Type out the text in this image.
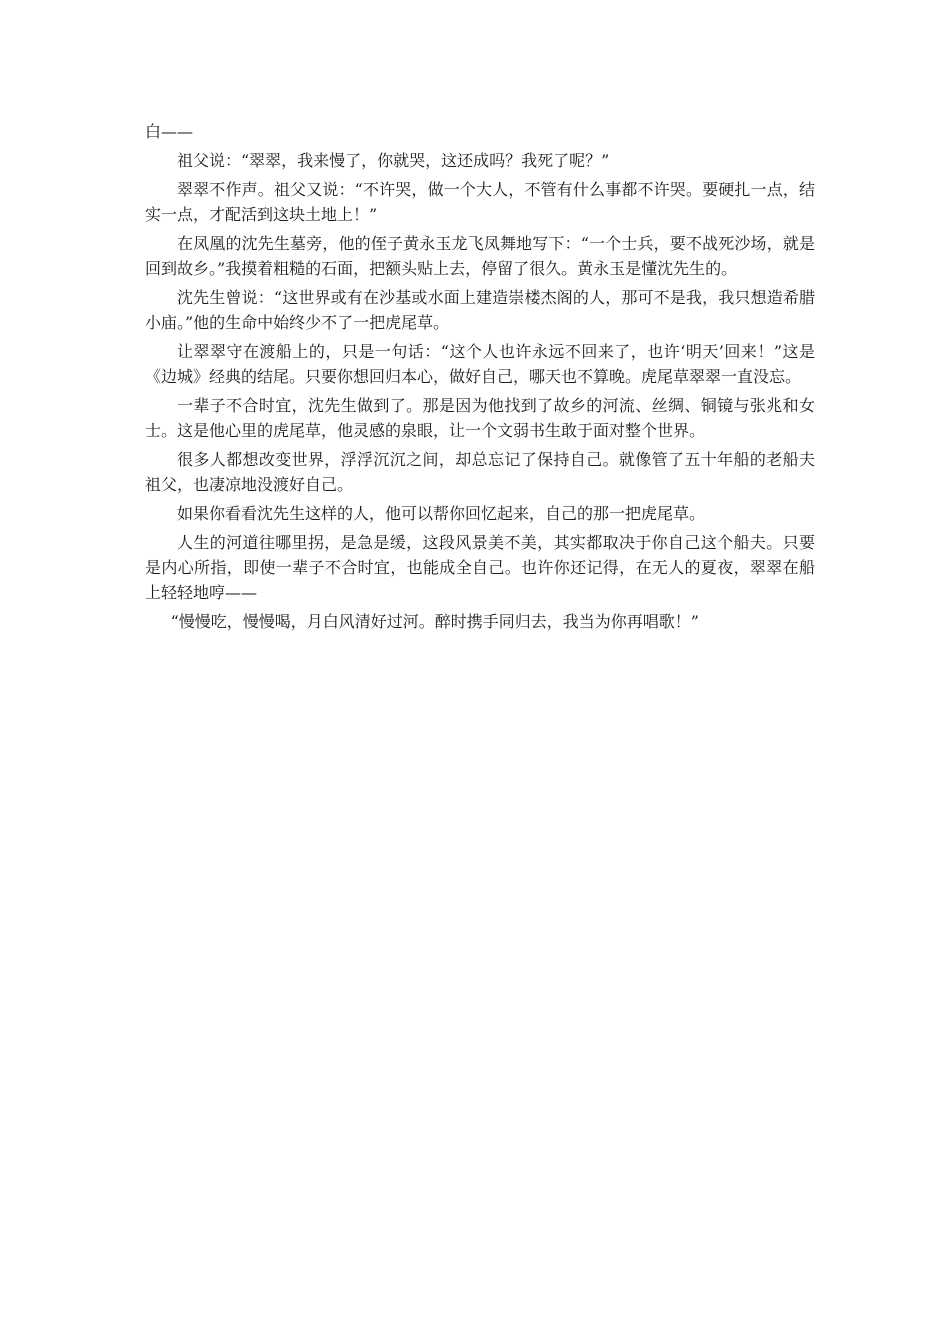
白——

祖父说：“翠翠，我来慢了，你就哭，这还成吗？我死了呢？”

翠翠不作声。祖父又说：“不许哭，做一个大人，不管有什么事都不许哭。要硬扎一点，结实一点，才配活到这块土地上！”

在凤凰的沈先生墓旁，他的侄子黄永玉龙飞凤舞地写下：“一个士兵，要不战死沙场，就是回到故乡。”我摸着粗糙的石面，把额头贴上去，停留了很久。黄永玉是懂沈先生的。

沈先生曾说：“这世界或有在沙基或水面上建造崇楼杰阁的人，那可不是我，我只想造希腊小庙。”他的生命中始终少不了一把虎尾草。

让翠翠守在渡船上的，只是一句话：“这个人也许永远不回来了，也许‘明天’回来！”这是《边城》经典的结尾。只要你想回归本心，做好自己，哪天也不算晚。虎尾草翠翠一直没忘。

一辈子不合时宜，沈先生做到了。那是因为他找到了故乡的河流、丝绸、铜镜与张兆和女士。这是他心里的虎尾草，他灵感的泉眼，让一个文弱书生敢于面对整个世界。

很多人都想改变世界，浮浮沉沉之间，却总忘记了保持自己。就像管了五十年船的老船夫祖父，也凄凉地没渡好自己。

如果你看看沈先生这样的人，他可以帮你回忆起来，自己的那一把虎尾草。

人生的河道往哪里拐，是急是缓，这段风景美不美，其实都取决于你自己这个船夫。只要是内心所指，即使一辈子不合时宜，也能成全自己。也许你还记得，在无人的夏夜，翠翠在船上轻轻地哼——

“慢慢吃，慢慢喝，月白风清好过河。醉时携手同归去，我当为你再唱歌！”
